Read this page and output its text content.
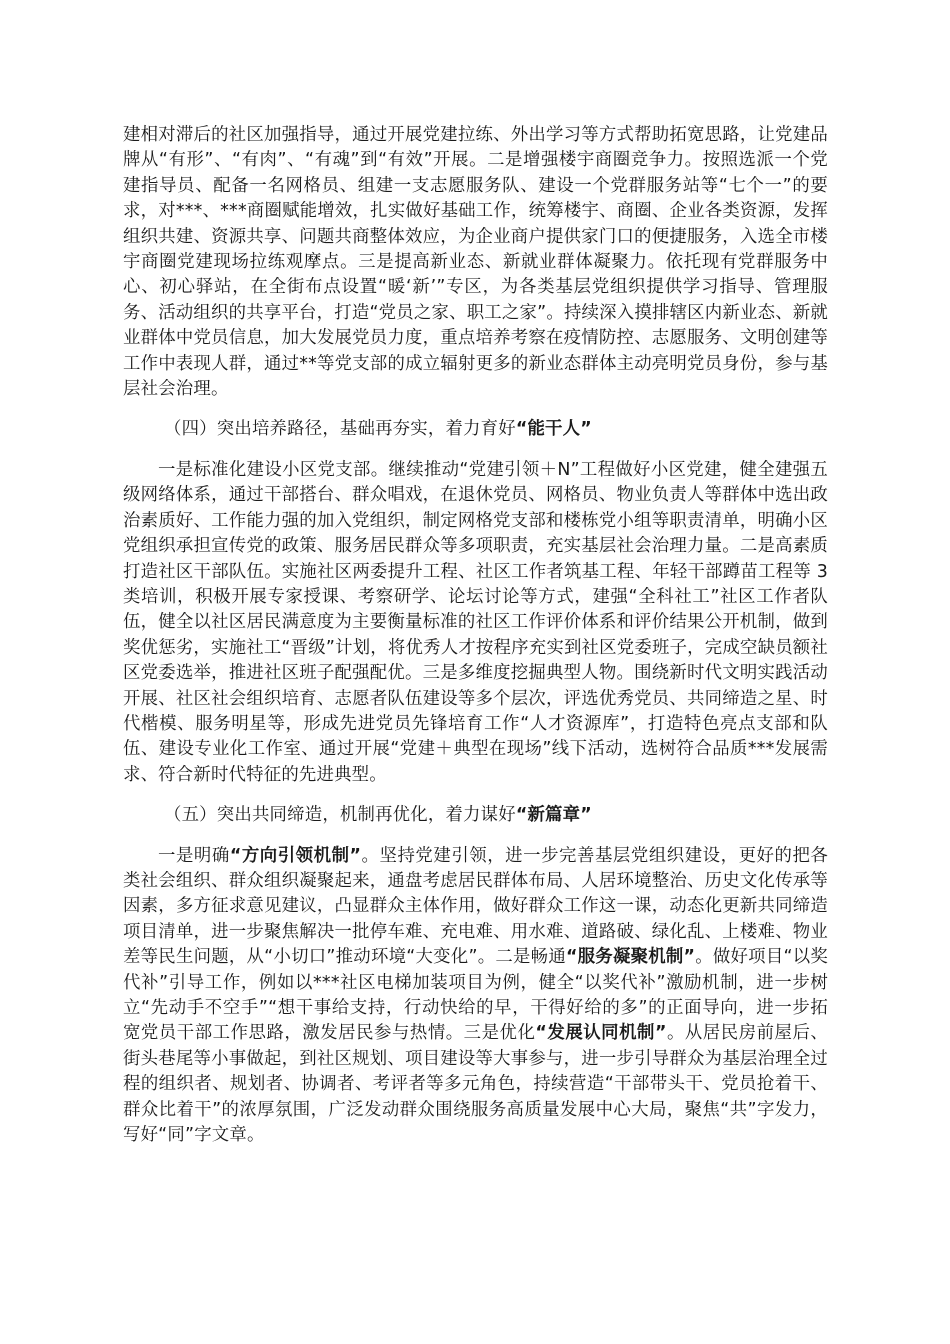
建相对滞后的社区加强指导，通过开展党建拉练、外出学习等方式帮助拓宽思路，让党建品牌从“有形”、“有肉”、“有魂”到“有效”开展。二是增强楼宇商圈竞争力。按照选派一个党建指导员、配备一名网格员、组建一支志愿服务队、建设一个党群服务站等“七个一”的要求，对***、***商圈赋能增效，扎实做好基础工作，统筹楼宇、商圈、企业各类资源，发挥组织共建、资源共享、问题共商整体效应，为企业商户提供家门口的便捷服务，入选全市楼宇商圈党建现场拉练观摩点。三是提高新业态、新就业群体凝聚力。依托现有党群服务中心、初心驿站，在全街布点设置“暖‘新’”专区，为各类基层党组织提供学习指导、管理服务、活动组织的共享平台，打造“党员之家、职工之家”。持续深入摸排辖区内新业态、新就业群体中党员信息，加大发展党员力度，重点培养考察在疫情防控、志愿服务、文明创建等工作中表现人群，通过**等党支部的成立辐射更多的新业态群体主动亮明党员身份，参与基层社会治理。

（四）突出培养路径，基础再夯实，着力育好“能干人”

一是标准化建设小区党支部。继续推动“党建引领＋N”工程做好小区党建，健全建强五级网络体系，通过干部搭台、群众唱戏，在退休党员、网格员、物业负责人等群体中选出政治素质好、工作能力强的加入党组织，制定网格党支部和楼栋党小组等职责清单，明确小区党组织承担宣传党的政策、服务居民群众等多项职责，充实基层社会治理力量。二是高素质打造社区干部队伍。实施社区两委提升工程、社区工作者筑基工程、年轻干部蹲苗工程等 3 类培训，积极开展专家授课、考察研学、论坛讨论等方式，建强“全科社工”社区工作者队伍，健全以社区居民满意度为主要衡量标准的社区工作评价体系和评价结果公开机制，做到奖优惩劣，实施社工“晋级”计划，将优秀人才按程序充实到社区党委班子，完成空缺员额社区党委选举，推进社区班子配强配优。三是多维度挖掘典型人物。围绕新时代文明实践活动开展、社区社会组织培育、志愿者队伍建设等多个层次，评选优秀党员、共同缔造之星、时代楷模、服务明星等，形成先进党员先锋培育工作“人才资源库”，打造特色亮点支部和队伍、建设专业化工作室、通过开展“党建＋典型在现场”线下活动，选树符合品质***发展需求、符合新时代特征的先进典型。

（五）突出共同缔造，机制再优化，着力谋好“新篇章”

一是明确“方向引领机制”。坚持党建引领，进一步完善基层党组织建设，更好的把各类社会组织、群众组织凝聚起来，通盘考虑居民群体布局、人居环境整治、历史文化传承等因素，多方征求意见建议，凸显群众主体作用，做好群众工作这一课，动态化更新共同缔造项目清单，进一步聚焦解决一批停车难、充电难、用水难、道路破、绿化乱、上楼难、物业差等民生问题，从“小切口”推动环境“大变化”。二是畅通“服务凝聚机制”。做好项目“以奖代补”引导工作，例如以***社区电梯加装项目为例，健全“以奖代补”激励机制，进一步树立“先动手不空手”“想干事给支持，行动快给的早，干得好给的多”的正面导向，进一步拓宽党员干部工作思路，激发居民参与热情。三是优化“发展认同机制”。从居民房前屋后、街头巷尾等小事做起，到社区规划、项目建设等大事参与，进一步引导群众为基层治理全过程的组织者、规划者、协调者、考评者等多元角色，持续营造“干部带头干、党员抢着干、群众比着干”的浓厚氛围，广泛发动群众围绕服务高质量发展中心大局，聚焦“共”字发力，写好“同”字文章。
